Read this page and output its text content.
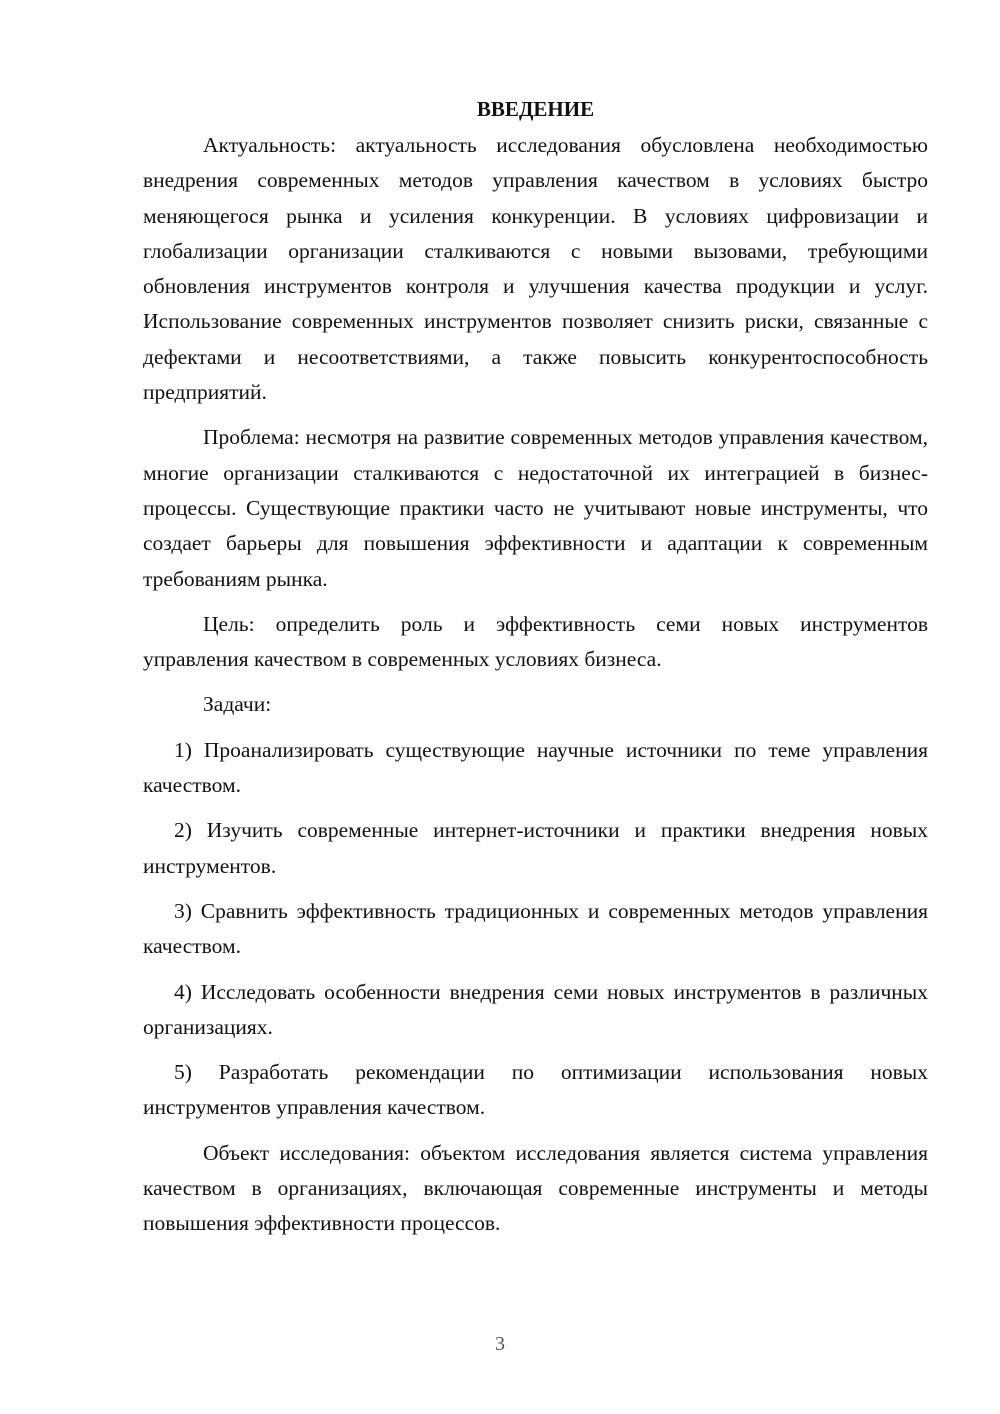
ВВЕДЕНИЕ

Актуальность: актуальность исследования обусловлена необходимостью внедрения современных методов управления качеством в условиях быстро меняющегося рынка и усиления конкуренции. В условиях цифровизации и глобализации организации сталкиваются с новыми вызовами, требующими обновления инструментов контроля и улучшения качества продукции и услуг. Использование современных инструментов позволяет снизить риски, связанные с дефектами и несоответствиями, а также повысить конкурентоспособность предприятий.

Проблема: несмотря на развитие современных методов управления качеством, многие организации сталкиваются с недостаточной их интеграцией в бизнес-процессы. Существующие практики часто не учитывают новые инструменты, что создает барьеры для повышения эффективности и адаптации к современным требованиям рынка.

Цель: определить роль и эффективность семи новых инструментов управления качеством в современных условиях бизнеса.

Задачи:

1) Проанализировать существующие научные источники по теме управления качеством.

2) Изучить современные интернет-источники и практики внедрения новых инструментов.

3) Сравнить эффективность традиционных и современных методов управления качеством.

4) Исследовать особенности внедрения семи новых инструментов в различных организациях.

5) Разработать рекомендации по оптимизации использования новых инструментов управления качеством.

Объект исследования: объектом исследования является система управления качеством в организациях, включающая современные инструменты и методы повышения эффективности процессов.

3
